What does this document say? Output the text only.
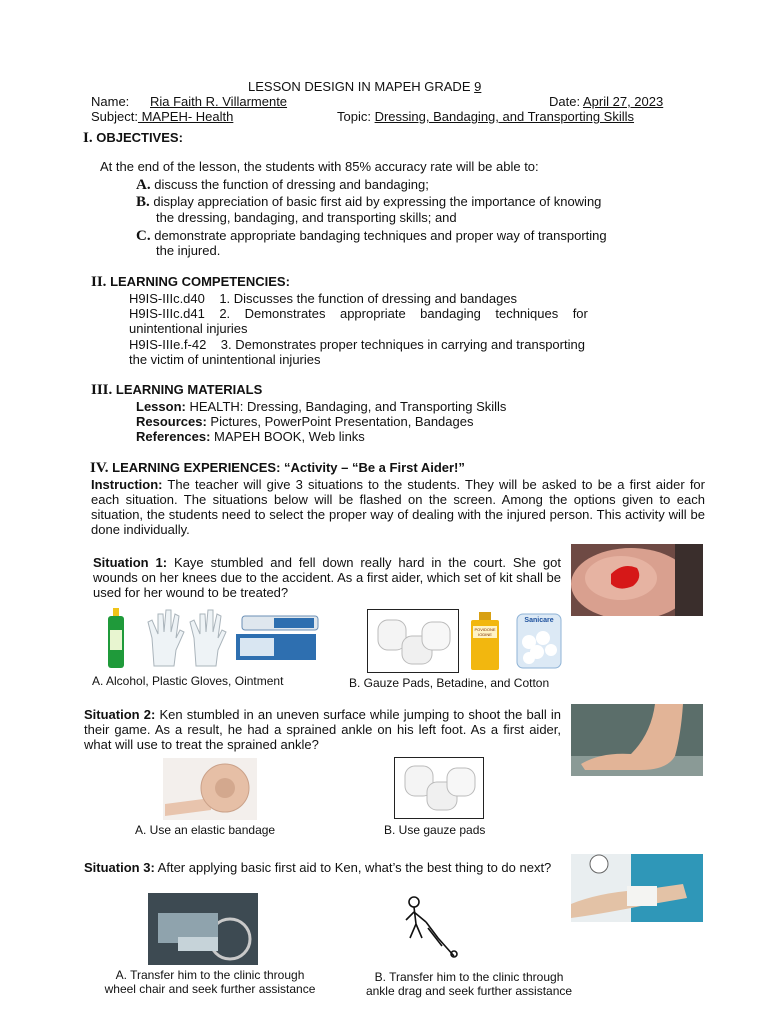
LESSON DESIGN IN MAPEH GRADE 9
Name: Ria Faith R. Villarmente	Date: April 27, 2023
Subject: MAPEH- Health	Topic: Dressing, Bandaging, and Transporting Skills
I. OBJECTIVES:
At the end of the lesson, the students with 85% accuracy rate will be able to:
A. discuss the function of dressing and bandaging;
B. display appreciation of basic first aid by expressing the importance of knowing
the dressing, bandaging, and transporting skills; and
C. demonstrate appropriate bandaging techniques and proper way of transporting
the injured.
II. LEARNING COMPETENCIES:
H9IS-IIIc.d40    1. Discusses the function of dressing and bandages
H9IS-IIIc.d41    2.    Demonstrates    appropriate    bandaging    techniques    for
unintentional injuries
H9IS-IIIe.f-42    3. Demonstrates proper techniques in carrying and transporting
the victim of unintentional injuries
III. LEARNING MATERIALS
Lesson: HEALTH: Dressing, Bandaging, and Transporting Skills
Resources: Pictures, PowerPoint Presentation, Bandages
References: MAPEH BOOK, Web links
IV. LEARNING EXPERIENCES: “Activity – “Be a First Aider!”
Instruction: The teacher will give 3 situations to the students. They will be asked to be a first aider for each situation. The situations below will be flashed on the screen. Among the options given to each situation, the students need to select the proper way of dealing with the injured person. This activity will be done individually.
Situation 1: Kaye stumbled and fell down really hard in the court. She got wounds on her knees due to the accident. As a first aider, which set of kit shall be used for her wound to be treated?
A. Alcohol, Plastic Gloves, Ointment
POVIDONE IODINE
Sanicare
B. Gauze Pads, Betadine, and Cotton
Situation 2: Ken stumbled in an uneven surface while jumping to shoot the ball in their game. As a result, he had a sprained ankle on his left foot. As a first aider, what will use to treat the sprained ankle?
A. Use an elastic bandage	B. Use gauze pads
Situation 3: After applying basic first aid to Ken, what’s the best thing to do next?
A. Transfer him to the clinic through
wheel chair and seek further assistance
B. Transfer him to the clinic through
ankle drag and seek further assistance
